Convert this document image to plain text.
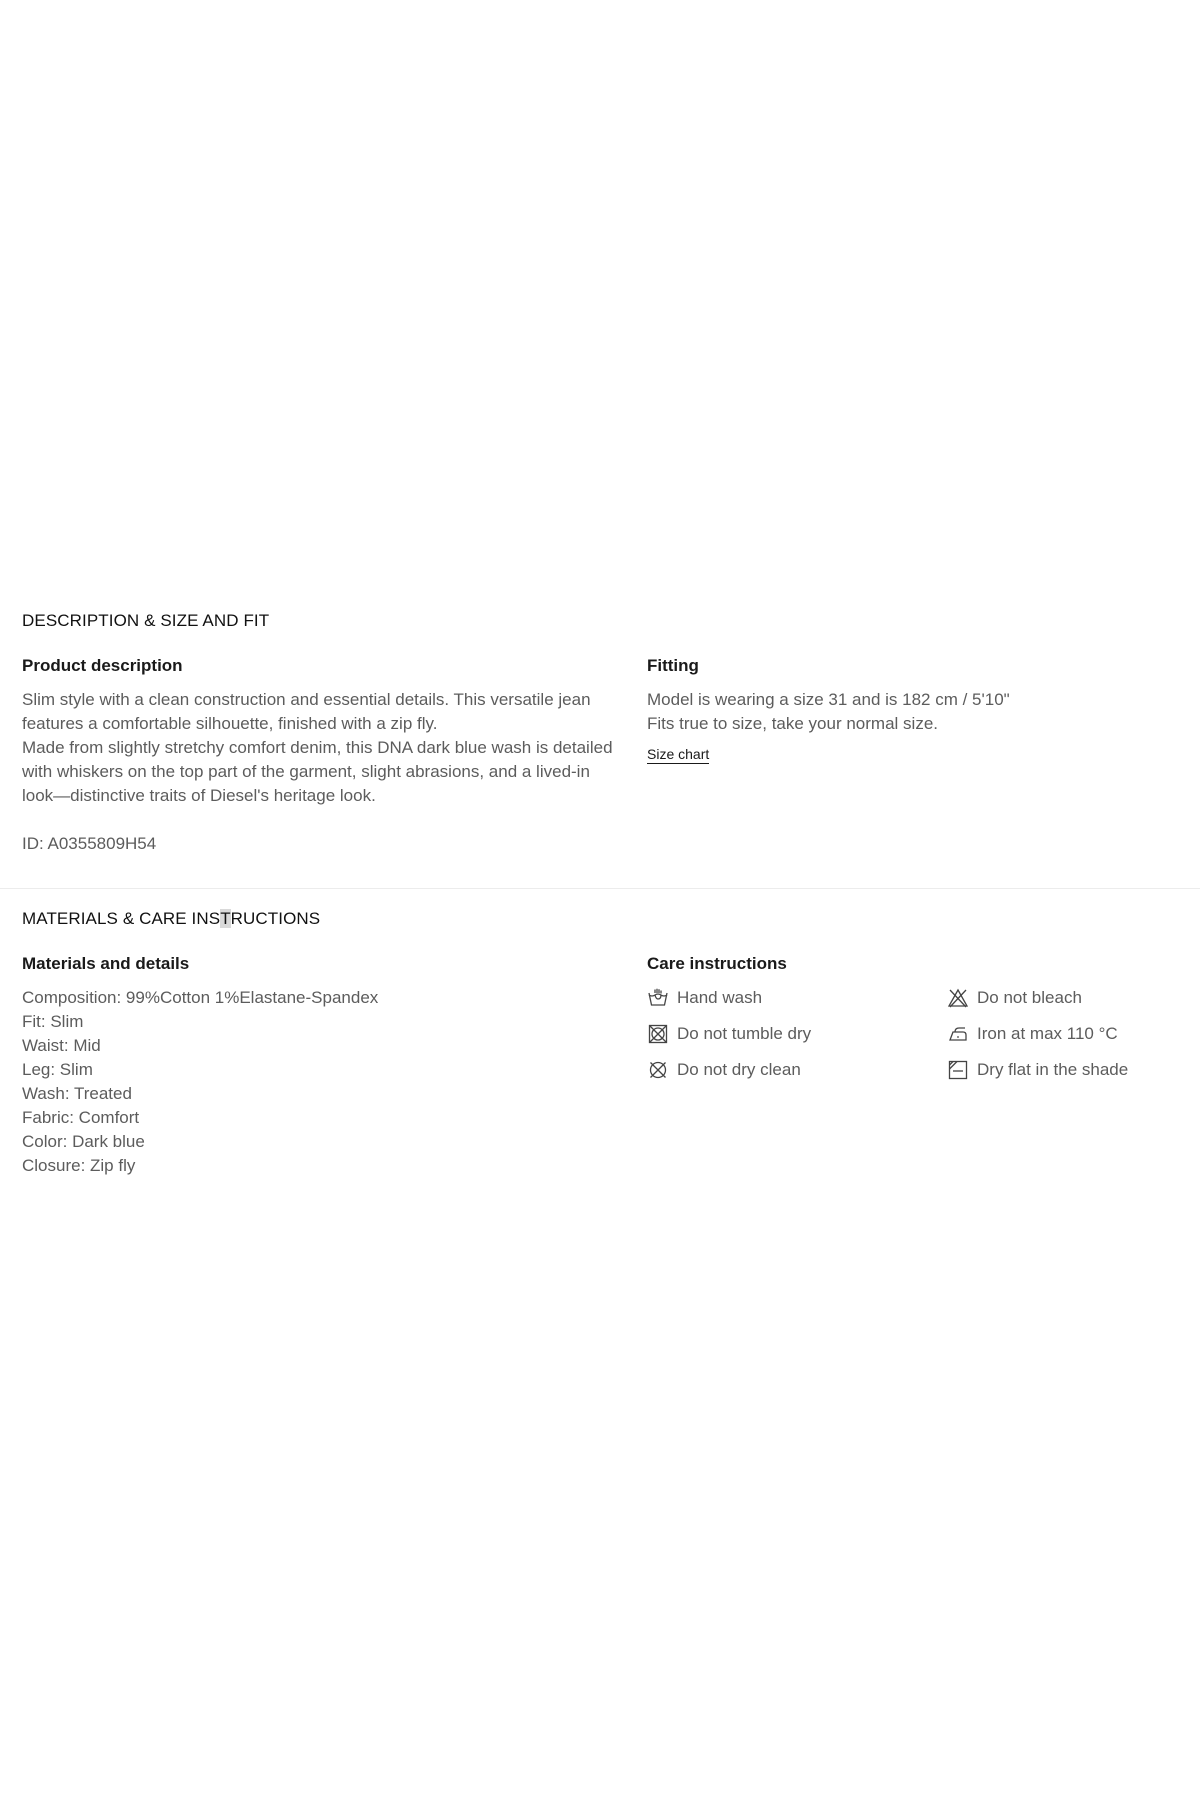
DESCRIPTION & SIZE AND FIT
Product description

Slim style with a clean construction and essential details. This versatile jean features a comfortable silhouette, finished with a zip fly.

Made from slightly stretchy comfort denim, this DNA dark blue wash is detailed with whiskers on the top part of the garment, slight abrasions, and a lived-in look—distinctive traits of Diesel's heritage look.

ID: A0355809H54
Fitting

Model is wearing a size 31 and is 182 cm / 5'10"

Fits true to size, take your normal size.

Size chart
MATERIALS & CARE INSTRUCTIONS
Materials and details
Composition: 99%Cotton 1%Elastane-Spandex
Fit: Slim
Waist: Mid
Leg: Slim
Wash: Treated
Fabric: Comfort
Color: Dark blue
Closure: Zip fly
Care instructions
Hand wash	Do not bleach
Do not tumble dry	Iron at max 110 °C
Do not dry clean	Dry flat in the shade
